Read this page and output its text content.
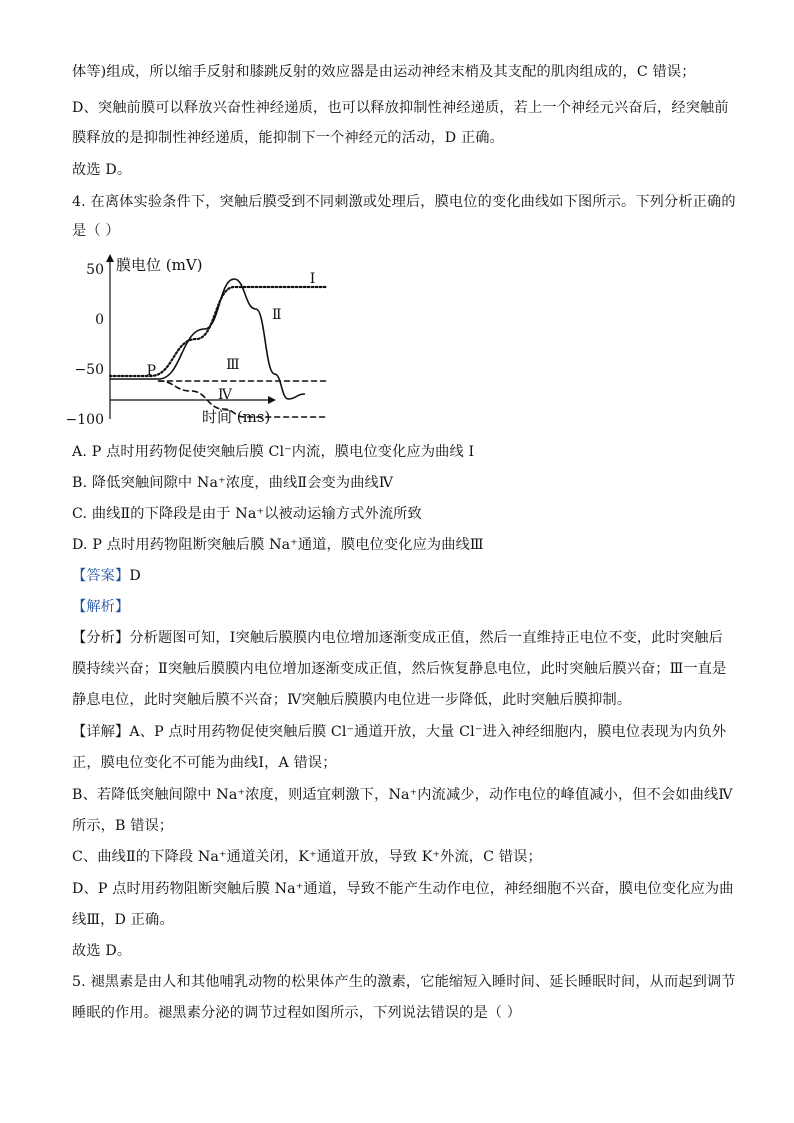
体等)组成，所以缩手反射和膝跳反射的效应器是由运动神经末梢及其支配的肌肉组成的，C 错误；
D、突触前膜可以释放兴奋性神经递质，也可以释放抑制性神经递质，若上一个神经元兴奋后，经突触前
膜释放的是抑制性神经递质，能抑制下一个神经元的活动，D 正确。
故选 D。
4. 在离体实验条件下，突触后膜受到不同刺激或处理后，膜电位的变化曲线如下图所示。下列分析正确的
是（ ）
膜电位 (mV)
时间 (ms)
50
0
−50
−100
I
Ⅱ
Ⅲ
Ⅳ
P
A. P 点时用药物促使突触后膜 Cl⁻内流，膜电位变化应为曲线 I
B. 降低突触间隙中 Na⁺浓度，曲线Ⅱ会变为曲线Ⅳ
C. 曲线Ⅱ的下降段是由于 Na⁺以被动运输方式外流所致
D. P 点时用药物阻断突触后膜 Na⁺通道，膜电位变化应为曲线Ⅲ
【答案】D
【解析】
【分析】分析题图可知，Ⅰ突触后膜膜内电位增加逐渐变成正值，然后一直维持正电位不变，此时突触后
膜持续兴奋；Ⅱ突触后膜膜内电位增加逐渐变成正值，然后恢复静息电位，此时突触后膜兴奋；Ⅲ一直是
静息电位，此时突触后膜不兴奋；Ⅳ突触后膜膜内电位进一步降低，此时突触后膜抑制。
【详解】A、P 点时用药物促使突触后膜 Cl⁻通道开放，大量 Cl⁻进入神经细胞内，膜电位表现为内负外
正，膜电位变化不可能为曲线Ⅰ，A 错误；
B、若降低突触间隙中 Na⁺浓度，则适宜刺激下，Na⁺内流减少，动作电位的峰值减小，但不会如曲线Ⅳ
所示，B 错误；
C、曲线Ⅱ的下降段 Na⁺通道关闭，K⁺通道开放，导致 K⁺外流，C 错误；
D、P 点时用药物阻断突触后膜 Na⁺通道，导致不能产生动作电位，神经细胞不兴奋，膜电位变化应为曲
线Ⅲ，D 正确。
故选 D。
5. 褪黑素是由人和其他哺乳动物的松果体产生的激素，它能缩短入睡时间、延长睡眠时间，从而起到调节
睡眠的作用。褪黑素分泌的调节过程如图所示，下列说法错误的是（ ）
